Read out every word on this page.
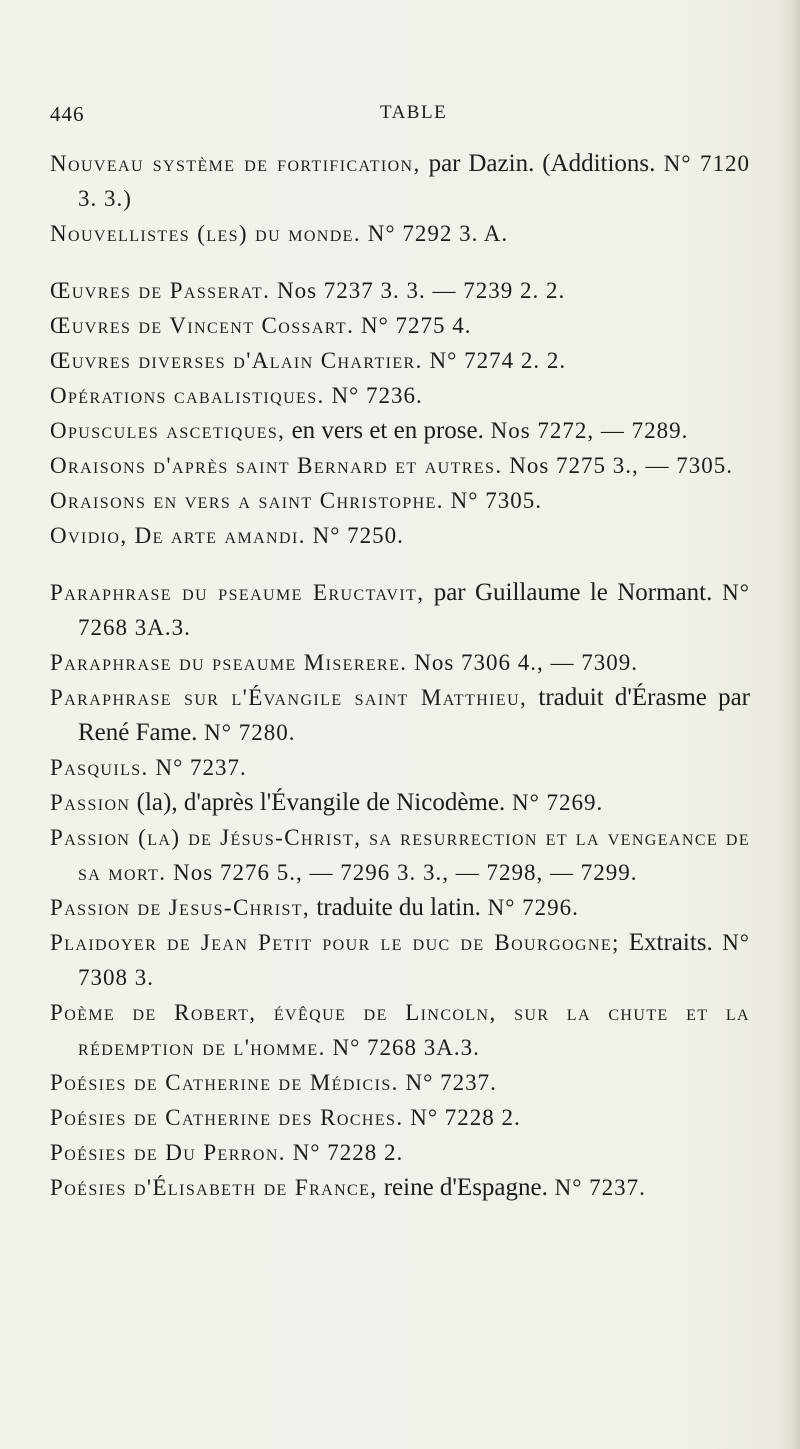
446	TABLE

Nouveau système de fortification, par Dazin. (Additions. N° 7120 3. 3.)

Nouvellistes (les) du monde. N° 7292 3. A.

Œuvres de Passerat. Nos 7237 3. 3. — 7239 2. 2.

Œuvres de Vincent Cossart. N° 7275 4.

Œuvres diverses d'Alain Chartier. N° 7274 2. 2.

Opérations cabalistiques. N° 7236.

Opuscules ascetiques, en vers et en prose. Nos 7272, — 7289.

Oraisons d'après saint Bernard et autres. Nos 7275 3., — 7305.

Oraisons en vers a saint Christophe. N° 7305.

Ovidio, De arte amandi. N° 7250.

Paraphrase du pseaume Eructavit, par Guillaume le Normant. N° 7268 3A.3.

Paraphrase du pseaume Miserere. Nos 7306 4., — 7309.

Paraphrase sur l'Évangile saint Matthieu, traduit d'Érasme par René Fame. N° 7280.

Pasquils. N° 7237.

Passion (la), d'après l'Évangile de Nicodème. N° 7269.

Passion (la) de Jésus-Christ, sa resurrection et la vengeance de sa mort. Nos 7276 5., — 7296 3. 3., — 7298, — 7299.

Passion de Jesus-Christ, traduite du latin. N° 7296.

Plaidoyer de Jean Petit pour le duc de Bourgogne; Extraits. N° 7308 3.

Poème de Robert, évêque de Lincoln, sur la chute et la rédemption de l'homme. N° 7268 3A.3.

Poésies de Catherine de Médicis. N° 7237.

Poésies de Catherine des Roches. N° 7228 2.

Poésies de Du Perron. N° 7228 2.

Poésies d'Élisabeth de France, reine d'Espagne. N° 7237.
